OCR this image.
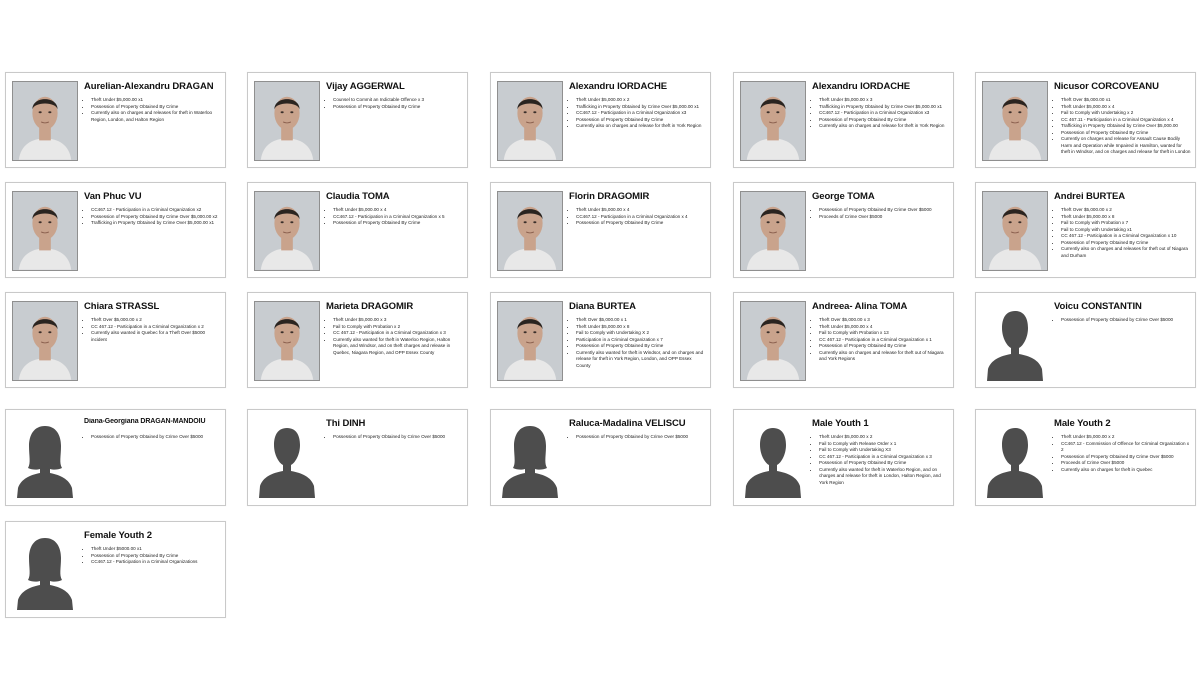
Aurelian-Alexandru DRAGAN
• Theft Under $5,000.00 x1
• Possession of Property Obtained By Crime
• Currently also on charges and releases for theft in Waterloo Region, London, and Halton Region
Vijay AGGERWAL
• Counsel to Commit an Indictable Offence x 3
• Possession of Property Obtained By Crime
Alexandru IORDACHE
• Theft Under $5,000.00 x 2
• Trafficking in Property Obtained by Crime Over $5,000.00 x1
• CC467.12 - Participation in a Criminal Organization x3
• Possession of Property Obtained By Crime
• Currently also on charges and release for theft in York Region
Alexandru IORDACHE
• Theft Under $5,000.00 x 3
• Trafficking in Property Obtained by Crime Over $5,000.00 x1
• CC467.12 - Participation in a Criminal Organization x3
• Possession of Property Obtained By Crime
• Currently also on charges and release for theft in York Region
Nicusor CORCOVEANU
• Theft Over $5,000.00 x1
• Theft Under $5,000.00 x 4
• Fail to Comply with Undertaking x 2
• CC 467.11 - Participation in a Criminal Organization x 4
• Trafficking in Property Obtained by Crime Over $5,000.00
• Possession of Property Obtained By Crime
• Currently on charges and release for Assault Cause Bodily Harm and Operation while Impaired in Hamilton, wanted for theft in Windsor, and on charges and release for theft in London
Van Phuc VU
• CC467.12 - Participation in a Criminal Organization x2
• Possession of Property Obtained By Crime Over $5,000.00 x2
• Trafficking in Property Obtained by Crime Over $5,000.00 x1
Claudia TOMA
• Theft Under $5,000.00 x 4
• CC467.12 - Participation in a Criminal Organization x 5
• Possession of Property Obtained By Crime
Florin DRAGOMIR
• Theft Under $5,000.00 x 4
• CC467.12 - Participation in a Criminal Organization x 4
• Possession of Property Obtained By Crime
George TOMA
• Possession of Property Obtained By Crime Over $5000
• Proceeds of Crime Over $5000
Andrei BURTEA
• Theft Over $5,000.00 x 2
• Theft Under $5,000.00 x 8
• Fail to Comply with Probation x 7
• Fail to Comply with Undertaking x1
• CC 467.12 - Participation in a Criminal Organization x 10
• Possession of Property Obtained By Crime
• Currently also on charges and releases for theft out of Niagara and Durham
Chiara STRASSL
• Theft Over $5,000.00 x 2
• CC 467.12 - Participation in a Criminal Organization x 2
• Currently also wanted in Quebec for a Theft Over $5000 incident
Marieta DRAGOMIR
• Theft Under $5,000.00 x 3
• Fail to Comply with Probation x 2
• CC 467.12 - Participation in a Criminal Organization x 3
• Currently also wanted for theft in Waterloo Region, Halton Region, and Windsor, and on theft charges and release in Quebec, Niagara Region, and OPP Essex County
Diana BURTEA
• Theft Over $5,000.00 x 1
• Theft Under $5,000.00 x 8
• Fail to Comply with Undertaking X 2
• Participation in a Criminal Organization x 7
• Possession of Property Obtained By Crime
• Currently also wanted for theft in Windsor, and on charges and release for theft in York Region, London, and OPP Essex County
Andreea- Alina TOMA
• Theft Over $5,000.00 x 3
• Theft Under $5,000.00 x 4
• Fail to Comply with Probation x 13
• CC 467.12 - Participation in a Criminal Organization x 1
• Possession of Property Obtained By Crime
• Currently also on charges and release for theft out of Niagara and York Regions
Voicu CONSTANTIN
• Possession of Property Obtained by Crime Over $5000
Diana-Georgiana DRAGAN-MANDOIU
• Possession of Property Obtained by Crime Over $5000
Thi DINH
• Possession of Property Obtained by Crime Over $5000
Raluca-Madalina VELISCU
• Possession of Property Obtained by Crime Over $5000
Male Youth 1
• Theft Under $5,000.00 x 2
• Fail to Comply with Release Order x 1
• Fail to Comply with Undertaking X3
• CC 467.12 - Participation in a Criminal Organization x 3
• Possession of Property Obtained By Crime
• Currently also wanted for theft in Waterloo Region, and on charges and release for theft in London, Halton Region, and York Region
Male Youth 2
• Theft Under $5,000.00 x 2
• CC467.12 - Commission of Offence for Criminal Organization x 2
• Possession of Property Obtained By Crime Over $5000
• Proceeds of Crime Over $5000
• Currently also on charges for theft in Quebec
Female Youth 2
• Theft Under $5000.00 x1
• Possession of Property Obtained By Crime
• CC467.12 - Participation in a Criminal Organizations
